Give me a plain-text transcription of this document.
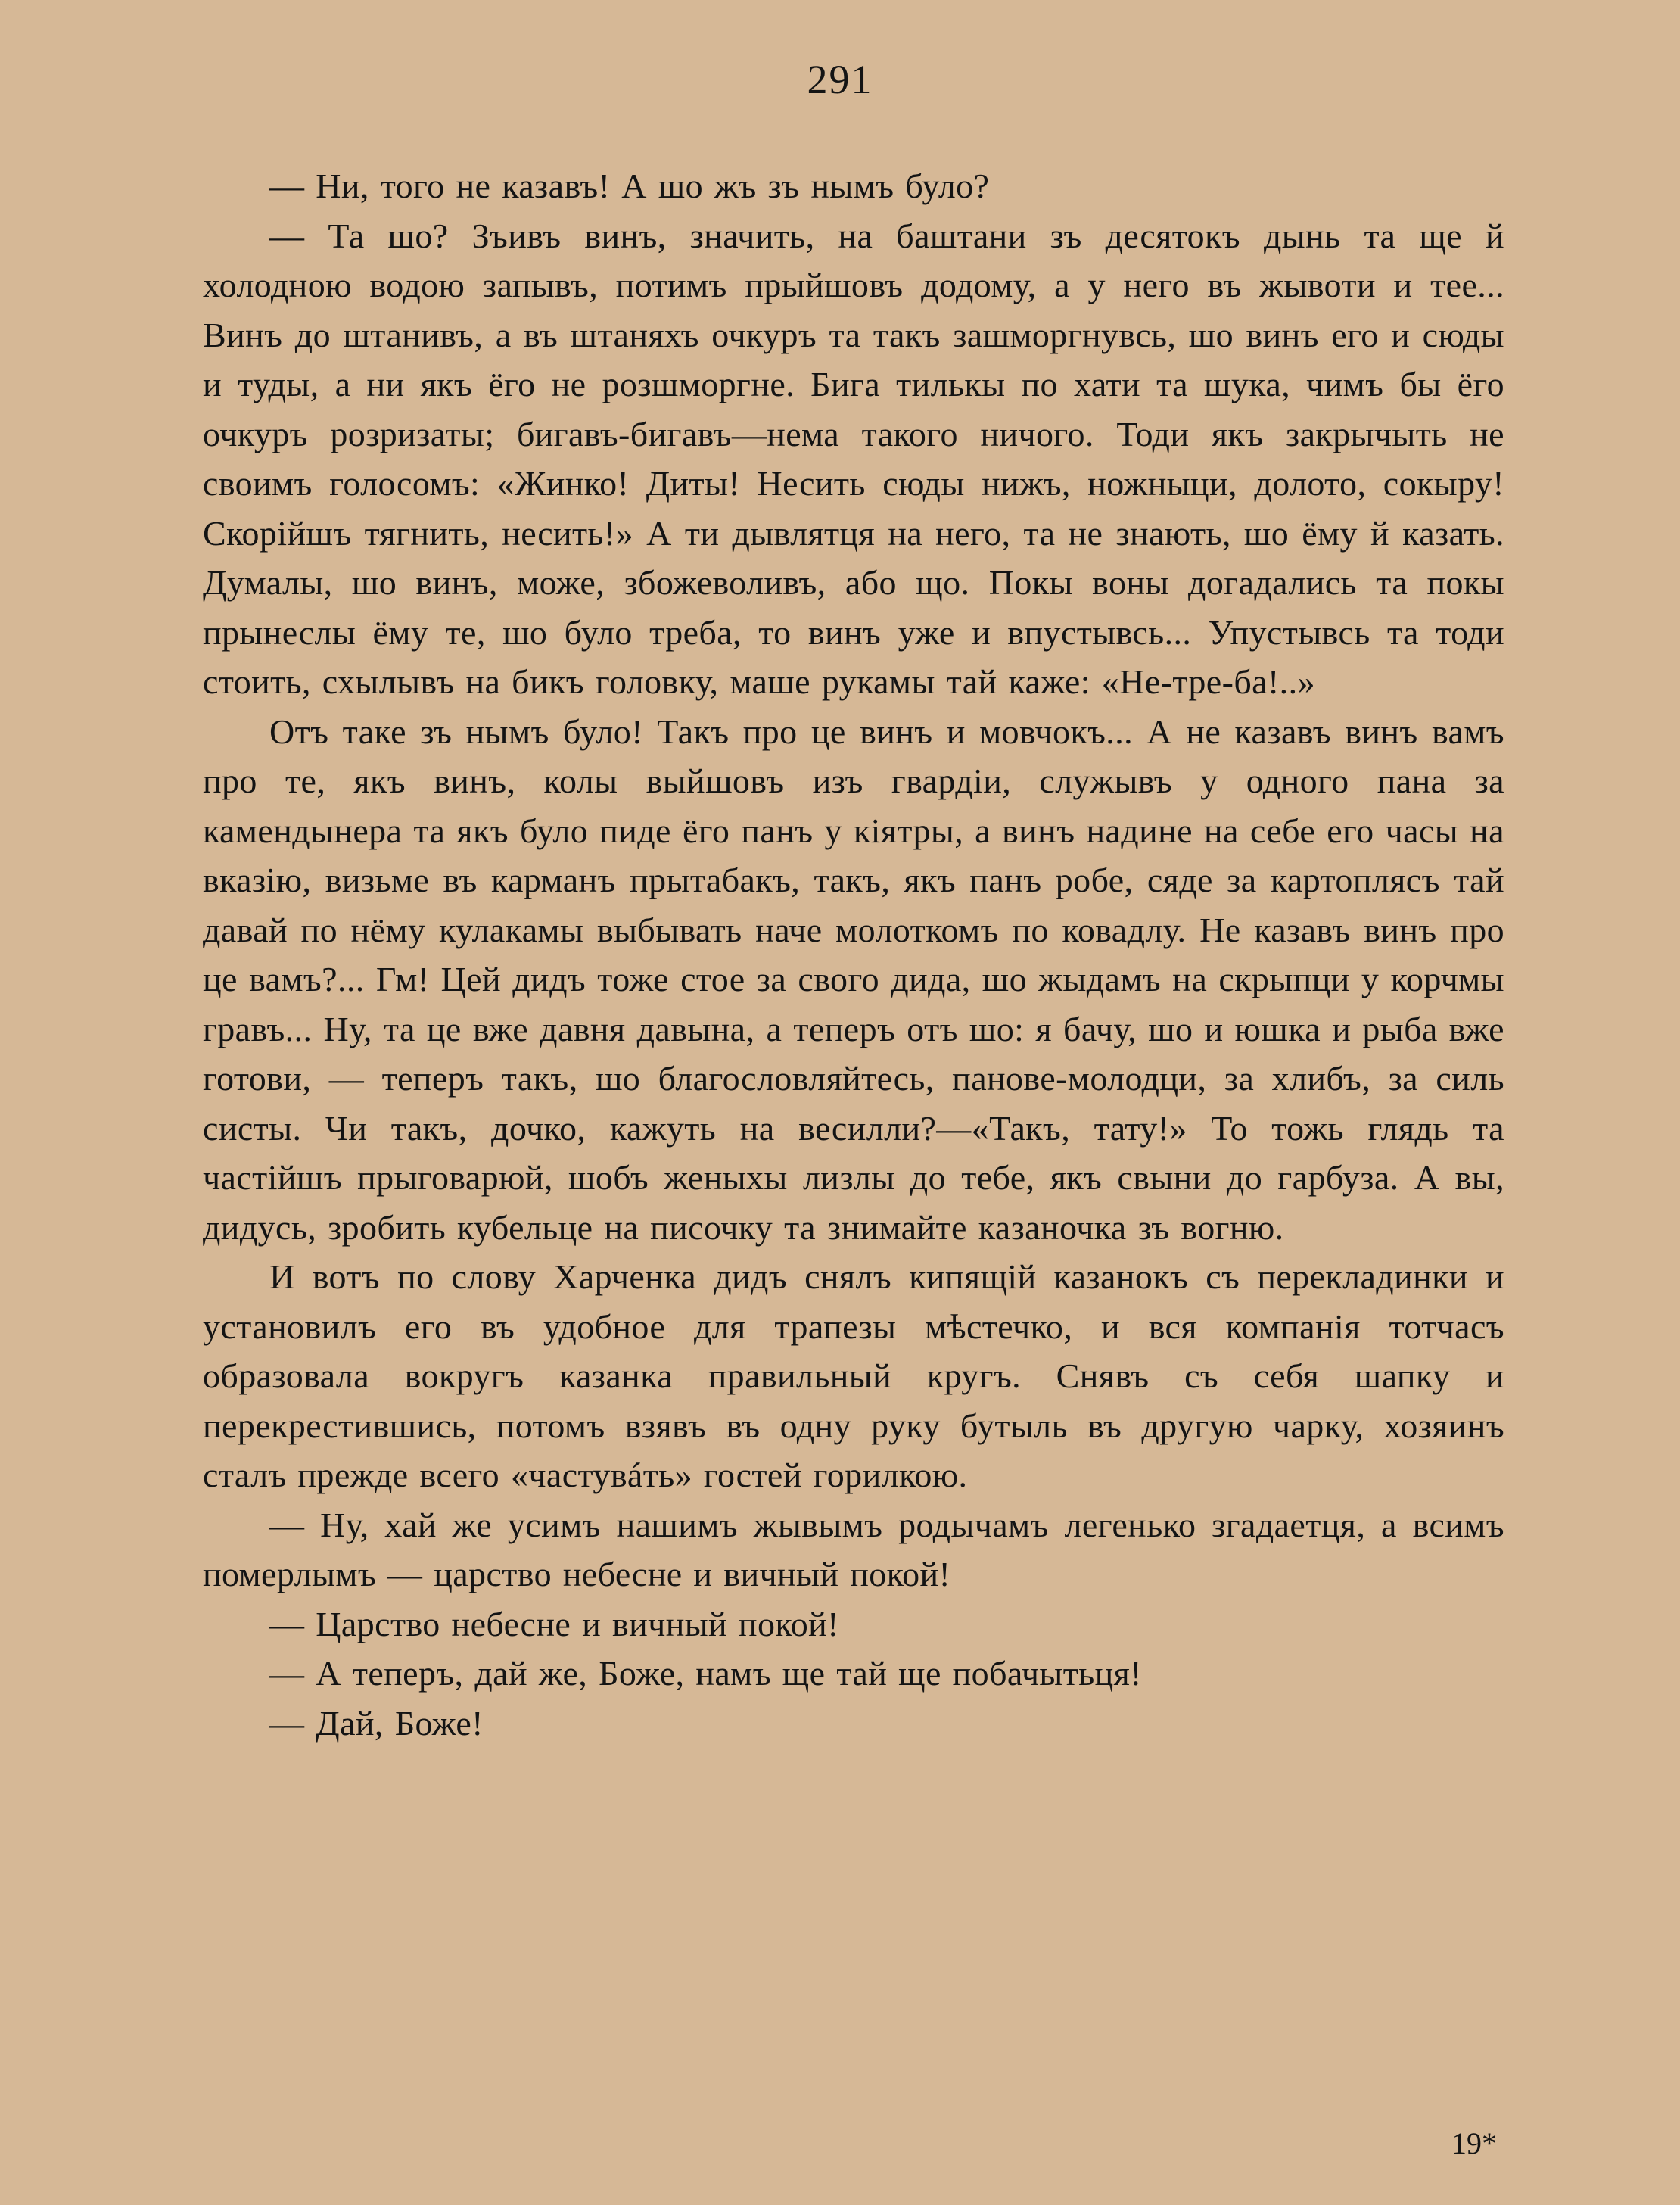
291

— Ни, того не казавъ! А шо жъ зъ нымъ було?

— Та шо? Зъивъ винъ, значить, на баштани зъ десятокъ дынь та ще й холодною водою запывъ, потимъ прыйшовъ додому, а у него въ жывоти и тее... Винъ до штанивъ, а въ штаняхъ очкуръ та такъ зашморгнувсь, шо винъ его и сюды и туды, а ни якъ ёго не розшморгне. Бига тилькы по хати та шука, чимъ бы ёго очкуръ розризаты; бигавъ-бигавъ—нема такого ничого. Тоди якъ закрычыть не своимъ голосомъ: «Жинко! Диты! Несить сюды нижъ, ножныци, долото, сокыру! Скорійшъ тягнить, несить!» А ти дывлятця на него, та не знають, шо ёму й казать. Думалы, шо винъ, може, збожеволивъ, або що. Покы воны догадались та покы прынеслы ёму те, шо було треба, то винъ уже и впустывсь... Упустывсь та тоди стоить, схылывъ на бикъ головку, маше рукамы тай каже: «Не-тре-ба!..»

Отъ таке зъ нымъ було! Такъ про це винъ и мовчокъ... А не казавъ винъ вамъ про те, якъ винъ, колы выйшовъ изъ гвардіи, служывъ у одного пана за камендынера та якъ було пиде ёго панъ у кіятры, а винъ надине на себе его часы на вказію, визьме въ карманъ прытабакъ, такъ, якъ панъ робе, сяде за картоплясъ тай давай по нёму кулакамы выбывать наче молоткомъ по ковадлу. Не казавъ винъ про це вамъ?... Гм! Цей дидъ тоже стое за свого дида, шо жыдамъ на скрыпци у корчмы гравъ... Ну, та це вже давня давына, а теперъ отъ шо: я бачу, шо и юшка и рыба вже готови, — теперъ такъ, шо благословляйтесь, панове-молодци, за хлибъ, за силь систы. Чи такъ, дочко, кажуть на весилли?—«Такъ, тату!» То тожь глядь та частійшъ прыговарюй, шобъ женыхы лизлы до тебе, якъ свыни до гарбуза. А вы, дидусь, зробить кубельце на писочку та знимайте казаночка зъ вогню.

И вотъ по слову Харченка дидъ снялъ кипящій казанокъ съ перекладинки и установилъ его въ удобное для трапезы мѣстечко, и вся компанія тотчасъ образовала вокругъ казанка правильный кругъ. Снявъ съ себя шапку и перекрестившись, потомъ взявъ въ одну руку бутыль въ другую чарку, хозяинъ сталъ прежде всего «частувáть» гостей горилкою.

— Ну, хай же усимъ нашимъ жывымъ родычамъ легенько згадаетця, а всимъ померлымъ — царство небесне и вичный покой!

— Царство небесне и вичный покой!

— А теперъ, дай же, Боже, намъ ще тай ще побачытьця!

— Дай, Боже!

19*
